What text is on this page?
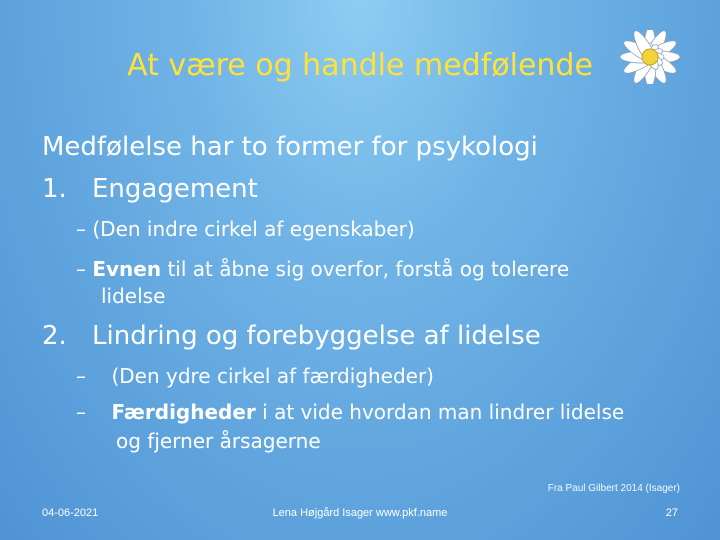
At være og handle medfølende
Medfølelse har to former for psykologi
1. Engagement
– (Den indre cirkel af egenskaber)
– Evnen til at åbne sig overfor, forstå og tolerere
lidelse
2. Lindring og forebyggelse af lidelse
– (Den ydre cirkel af færdigheder)
– Færdigheder i at vide hvordan man lindrer lidelse
og fjerner årsagerne
Fra Paul Gilbert 2014 (Isager)
04-06-2021	Lena Højgård Isager www.pkf.name	27
